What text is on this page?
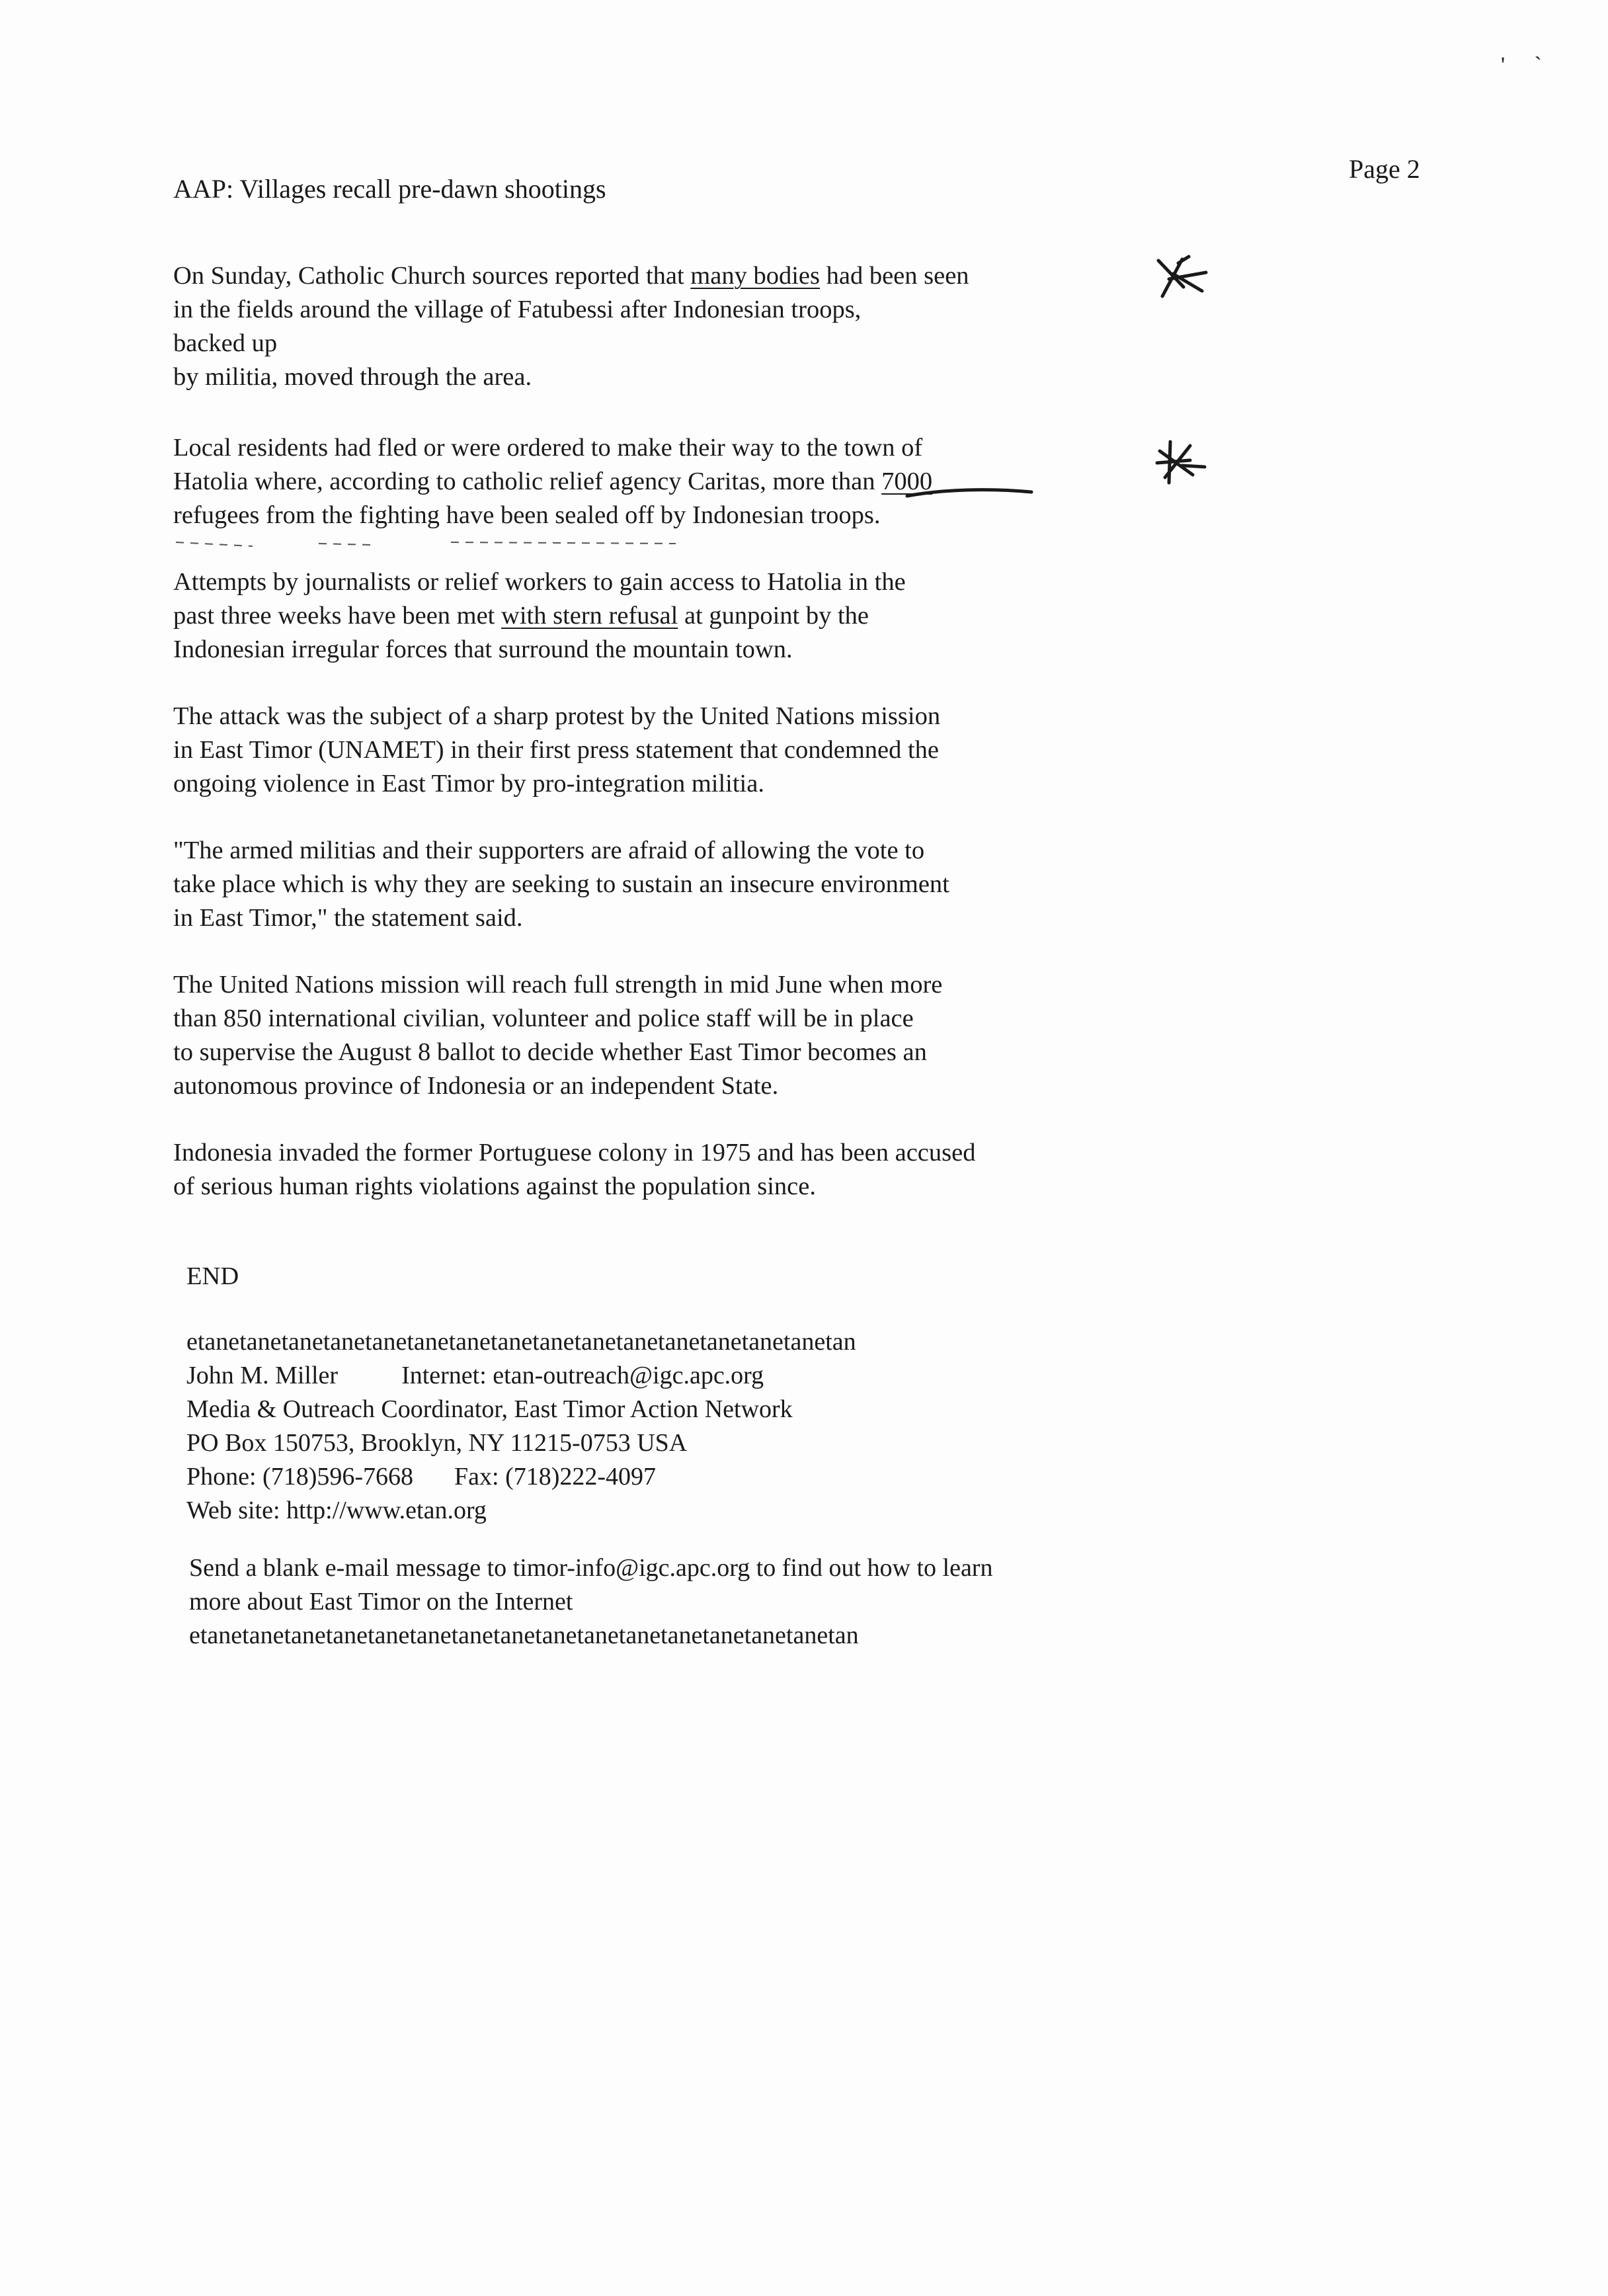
' `
Page 2
AAP: Villages recall pre-dawn shootings

On Sunday, Catholic Church sources reported that many bodies had been seen
in the fields around the village of Fatubessi after Indonesian troops,
backed up
by militia, moved through the area.

Local residents had fled or were ordered to make their way to the town of
Hatolia where, according to catholic relief agency Caritas, more than 7000
refugees from the fighting have been sealed off by Indonesian troops.

Attempts by journalists or relief workers to gain access to Hatolia in the
past three weeks have been met with stern refusal at gunpoint by the
Indonesian irregular forces that surround the mountain town.

The attack was the subject of a sharp protest by the United Nations mission
in East Timor (UNAMET) in their first press statement that condemned the
ongoing violence in East Timor by pro-integration militia.

"The armed militias and their supporters are afraid of allowing the vote to
take place which is why they are seeking to sustain an insecure environment
in East Timor," the statement said.

The United Nations mission will reach full strength in mid June when more
than 850 international civilian, volunteer and police staff will be in place
to supervise the August 8 ballot to decide whether East Timor becomes an
autonomous province of Indonesia or an independent State.

Indonesia invaded the former Portuguese colony in 1975 and has been accused
of serious human rights violations against the population since.

END
etanetanetanetanetanetanetanetanetanetanetanetanetanetanetanetan
John M. Miller	Internet: etan-outreach@igc.apc.org
Media & Outreach Coordinator, East Timor Action Network
PO Box 150753, Brooklyn, NY 11215-0753 USA
Phone: (718)596-7668 Fax: (718)222-4097
Web site: http://www.etan.org
Send a blank e-mail message to timor-info@igc.apc.org to find out how to learn
more about East Timor on the Internet
etanetanetanetanetanetanetanetanetanetanetanetanetanetanetanetan
